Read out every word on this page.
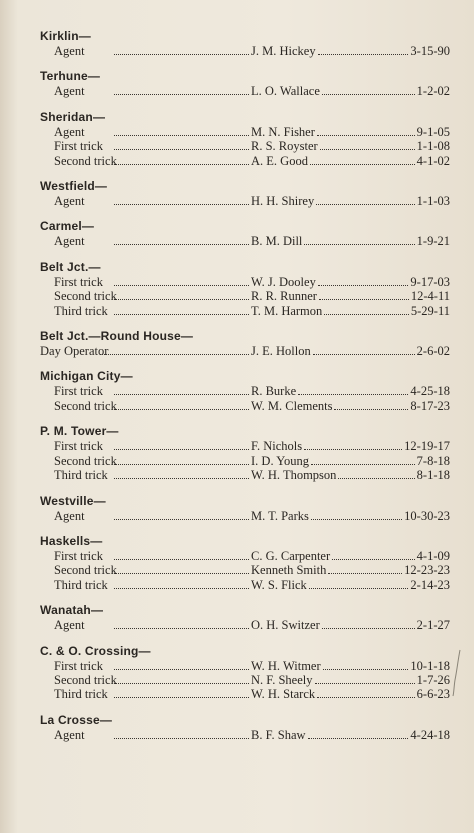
Kirklin—
Agent	J. M. Hickey	3-15-90
Terhune—
Agent	L. O. Wallace	1-2-02
Sheridan—
Agent	M. N. Fisher	9-1-05
First trick	R. S. Royster	1-1-08
Second trick	A. E. Good	4-1-02
Westfield—
Agent	H. H. Shirey	1-1-03
Carmel—
Agent	B. M. Dill	1-9-21
Belt Jct.—
First trick	W. J. Dooley	9-17-03
Second trick	R. R. Runner	12-4-11
Third trick	T. M. Harmon	5-29-11
Belt Jct.—Round House—
Day Operator	J. E. Hollon	2-6-02
Michigan City—
First trick	R. Burke	4-25-18
Second trick	W. M. Clements	8-17-23
P. M. Tower—
First trick	F. Nichols	12-19-17
Second trick	I. D. Young	7-8-18
Third trick	W. H. Thompson	8-1-18
Westville—
Agent	M. T. Parks	10-30-23
Haskells—
First trick	C. G. Carpenter	4-1-09
Second trick	Kenneth Smith	12-23-23
Third trick	W. S. Flick	2-14-23
Wanatah—
Agent	O. H. Switzer	2-1-27
C. & O. Crossing—
First trick	W. H. Witmer	10-1-18
Second trick	N. F. Sheely	1-7-26
Third trick	W. H. Starck	6-6-23
La Crosse—
Agent	B. F. Shaw	4-24-18
